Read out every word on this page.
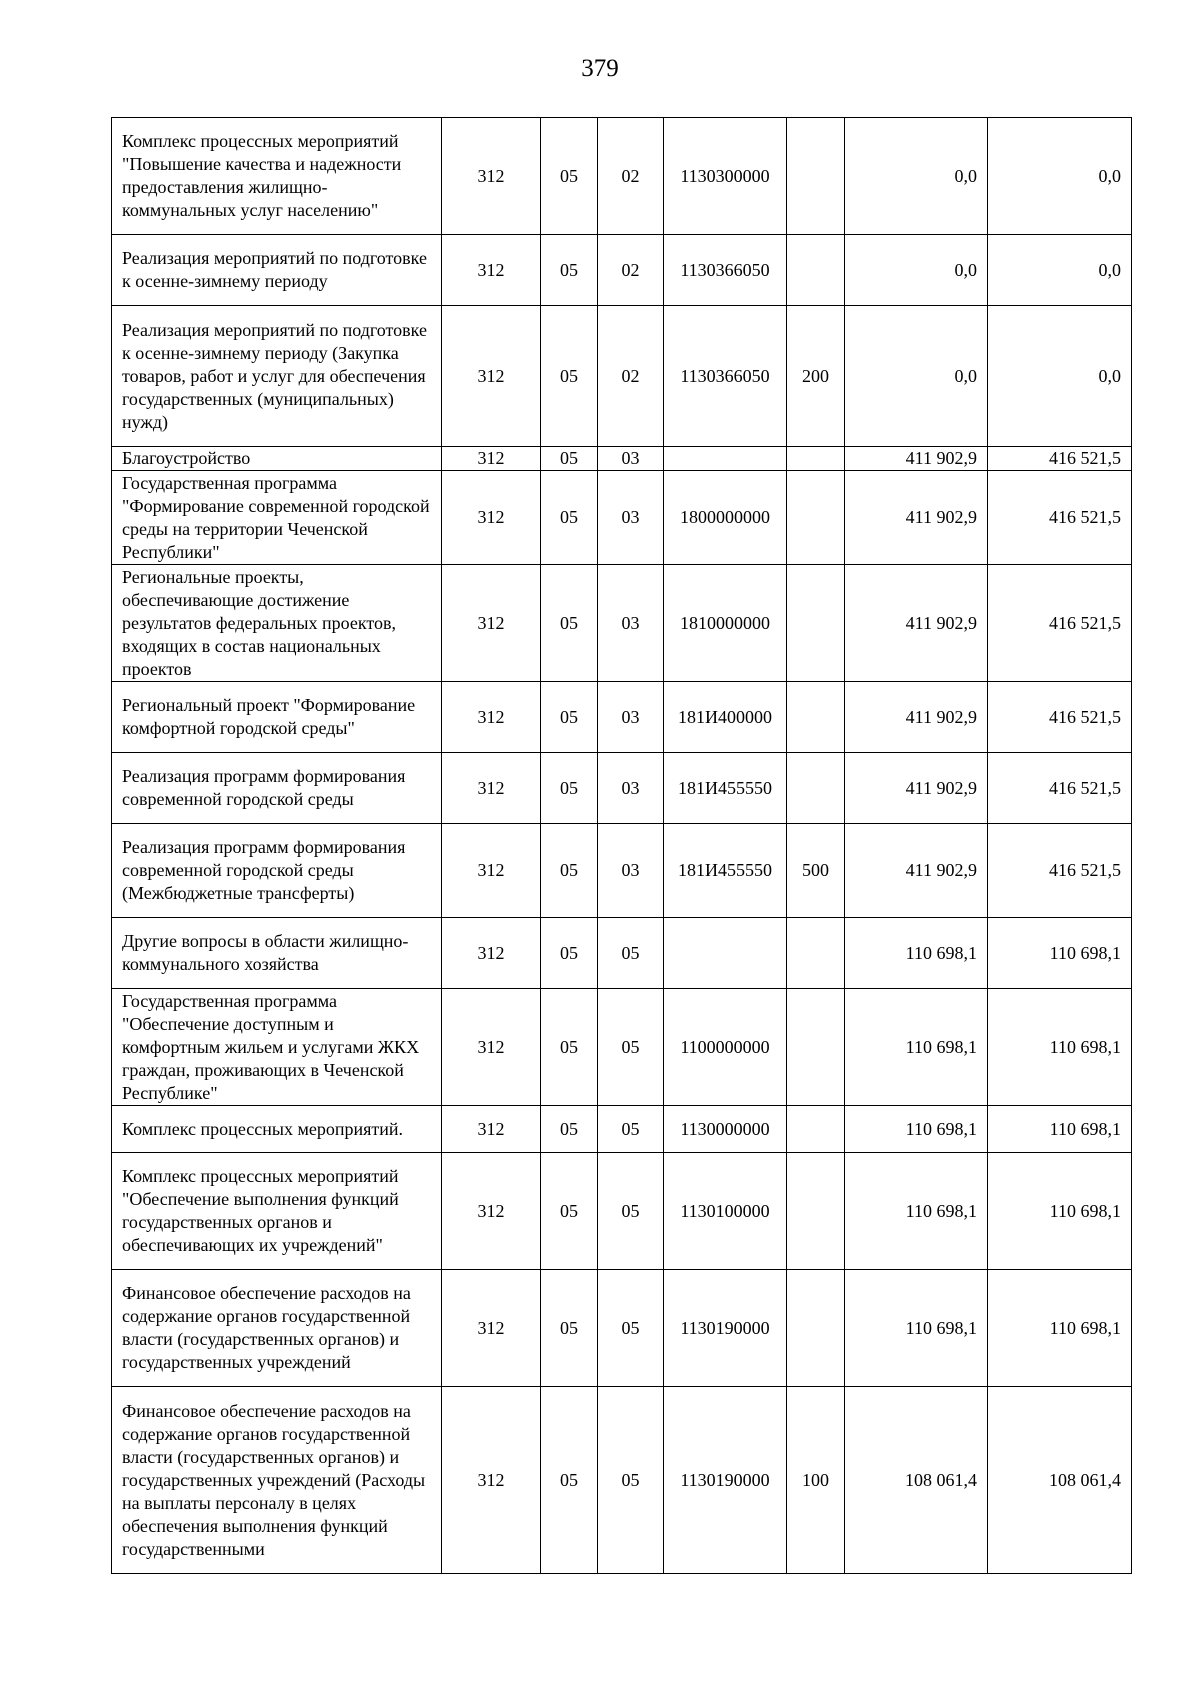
379
Комплекс процессных мероприятий "Повышение качества и надежности предоставления жилищно-коммунальных услуг населению"	312	05	02	1130300000		0,0	0,0
Реализация мероприятий по подготовке к осенне-зимнему периоду	312	05	02	1130366050		0,0	0,0
Реализация мероприятий по подготовке к осенне-зимнему периоду (Закупка товаров, работ и услуг для обеспечения государственных (муниципальных) нужд)	312	05	02	1130366050	200	0,0	0,0
Благоустройство	312	05	03			411 902,9	416 521,5
Государственная программа "Формирование современной городской среды на территории Чеченской Республики"	312	05	03	1800000000		411 902,9	416 521,5
Региональные проекты, обеспечивающие достижение результатов федеральных проектов, входящих в состав национальных проектов	312	05	03	1810000000		411 902,9	416 521,5
Региональный проект "Формирование комфортной городской среды"	312	05	03	181И400000		411 902,9	416 521,5
Реализация программ формирования современной городской среды	312	05	03	181И455550		411 902,9	416 521,5
Реализация программ формирования современной городской среды (Межбюджетные трансферты)	312	05	03	181И455550	500	411 902,9	416 521,5
Другие вопросы в области жилищно-коммунального хозяйства	312	05	05			110 698,1	110 698,1
Государственная программа "Обеспечение доступным и комфортным жильем и услугами ЖКХ граждан, проживающих в Чеченской Республике"	312	05	05	1100000000		110 698,1	110 698,1
Комплекс процессных мероприятий.	312	05	05	1130000000		110 698,1	110 698,1
Комплекс процессных мероприятий "Обеспечение выполнения функций государственных органов и обеспечивающих их учреждений"	312	05	05	1130100000		110 698,1	110 698,1
Финансовое обеспечение расходов на содержание органов государственной власти (государственных органов) и государственных учреждений	312	05	05	1130190000		110 698,1	110 698,1
Финансовое обеспечение расходов на содержание органов государственной власти (государственных органов) и государственных учреждений (Расходы на выплаты персоналу в целях обеспечения выполнения функций государственными	312	05	05	1130190000	100	108 061,4	108 061,4
